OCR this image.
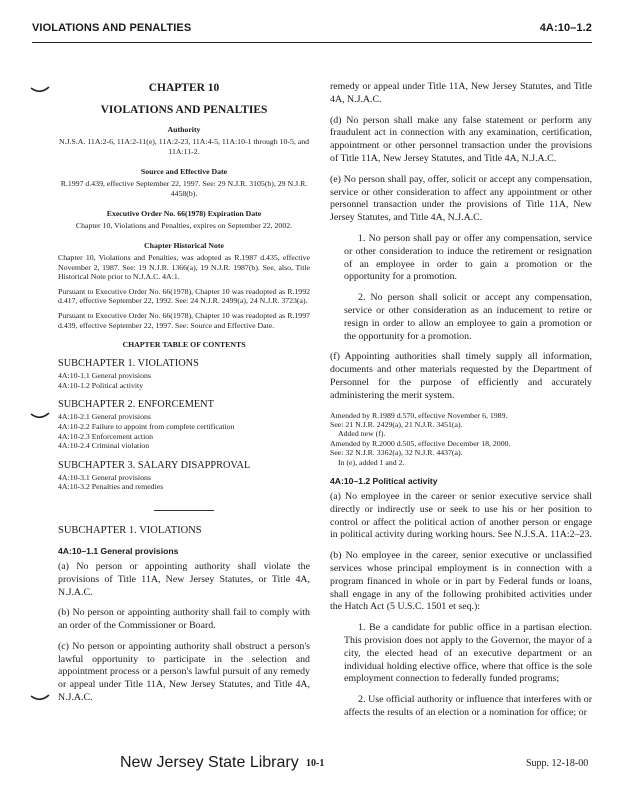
VIOLATIONS AND PENALTIES	4A:10–1.2
CHAPTER 10
VIOLATIONS AND PENALTIES
Authority
N.J.S.A. 11A:2-6, 11A:2-11(e), 11A:2-23, 11A:4-5, 11A:10-1 through 10-5, and 11A:11-2.
Source and Effective Date
R.1997 d.439, effective September 22, 1997. See: 29 N.J.R. 3105(b), 29 N.J.R. 4458(b).
Executive Order No. 66(1978) Expiration Date
Chapter 10, Violations and Penalties, expires on September 22, 2002.
Chapter Historical Note

Chapter 10, Violations and Penalties, was adopted as R.1987 d.435, effective November 2, 1987. See: 19 N.J.R. 1366(a), 19 N.J.R. 1987(b). See, also, Title Historical Note prior to N.J.A.C. 4A:1.

Pursuant to Executive Order No. 66(1978), Chapter 10 was readopted as R.1992 d.417, effective September 22, 1992. See: 24 N.J.R. 2499(a), 24 N.J.R. 3723(a).

Pursuant to Executive Order No. 66(1978), Chapter 10 was readopted as R.1997 d.439, effective September 22, 1997. See: Source and Effective Date.

CHAPTER TABLE OF CONTENTS
SUBCHAPTER 1. VIOLATIONS
4A:10-1.1 General provisions
4A:10-1.2 Political activity
SUBCHAPTER 2. ENFORCEMENT
4A:10-2.1 General provisions
4A:10-2.2 Failure to appoint from complete certification
4A:10-2.3 Enforcement action
4A:10-2.4 Criminal violation
SUBCHAPTER 3. SALARY DISAPPROVAL
4A:10-3.1 General provisions
4A:10-3.2 Penalties and remedies
SUBCHAPTER 1. VIOLATIONS
4A:10–1.1 General provisions

(a) No person or appointing authority shall violate the provisions of Title 11A, New Jersey Statutes, or Title 4A, N.J.A.C.

(b) No person or appointing authority shall fail to comply with an order of the Commissioner or Board.

(c) No person or appointing authority shall obstruct a person's lawful opportunity to participate in the selection and appointment process or a person's lawful pursuit of any remedy or appeal under Title 11A, New Jersey Statutes, and Title 4A, N.J.A.C.

remedy or appeal under Title 11A, New Jersey Statutes, and Title 4A, N.J.A.C.

(d) No person shall make any false statement or perform any fraudulent act in connection with any examination, certification, appointment or other personnel transaction under the provisions of Title 11A, New Jersey Statutes, and Title 4A, N.J.A.C.

(e) No person shall pay, offer, solicit or accept any compensation, service or other consideration to affect any appointment or other personnel transaction under the provisions of Title 11A, New Jersey Statutes, and Title 4A, N.J.A.C.

1. No person shall pay or offer any compensation, service or other consideration to induce the retirement or resignation of an employee in order to gain a promotion or the opportunity for a promotion.

2. No person shall solicit or accept any compensation, service or other consideration as an inducement to retire or resign in order to allow an employee to gain a promotion or the opportunity for a promotion.

(f) Appointing authorities shall timely supply all information, documents and other materials requested by the Department of Personnel for the purpose of efficiently and accurately administering the merit system.

Amended by R.1989 d.570, effective November 6, 1989.
See: 21 N.J.R. 2429(a), 21 N.J.R. 3451(a).
Added new (f).
Amended by R.2000 d.505, effective December 18, 2000.
See: 32 N.J.R. 3362(a), 32 N.J.R. 4437(a).
In (e), added 1 and 2.
4A:10–1.2 Political activity

(a) No employee in the career or senior executive service shall directly or indirectly use or seek to use his or her position to control or affect the political action of another person or engage in political activity during working hours. See N.J.S.A. 11A:2–23.

(b) No employee in the career, senior executive or unclassified services whose principal employment is in connection with a program financed in whole or in part by Federal funds or loans, shall engage in any of the following prohibited activities under the Hatch Act (5 U.S.C. 1501 et seq.):

1. Be a candidate for public office in a partisan election. This provision does not apply to the Governor, the mayor of a city, the elected head of an executive department or an individual holding elective office, where that office is the sole employment connection to federally funded programs;

2. Use official authority or influence that interferes with or affects the results of an election or a nomination for office; or

New Jersey State Library 10-1	Supp. 12-18-00
